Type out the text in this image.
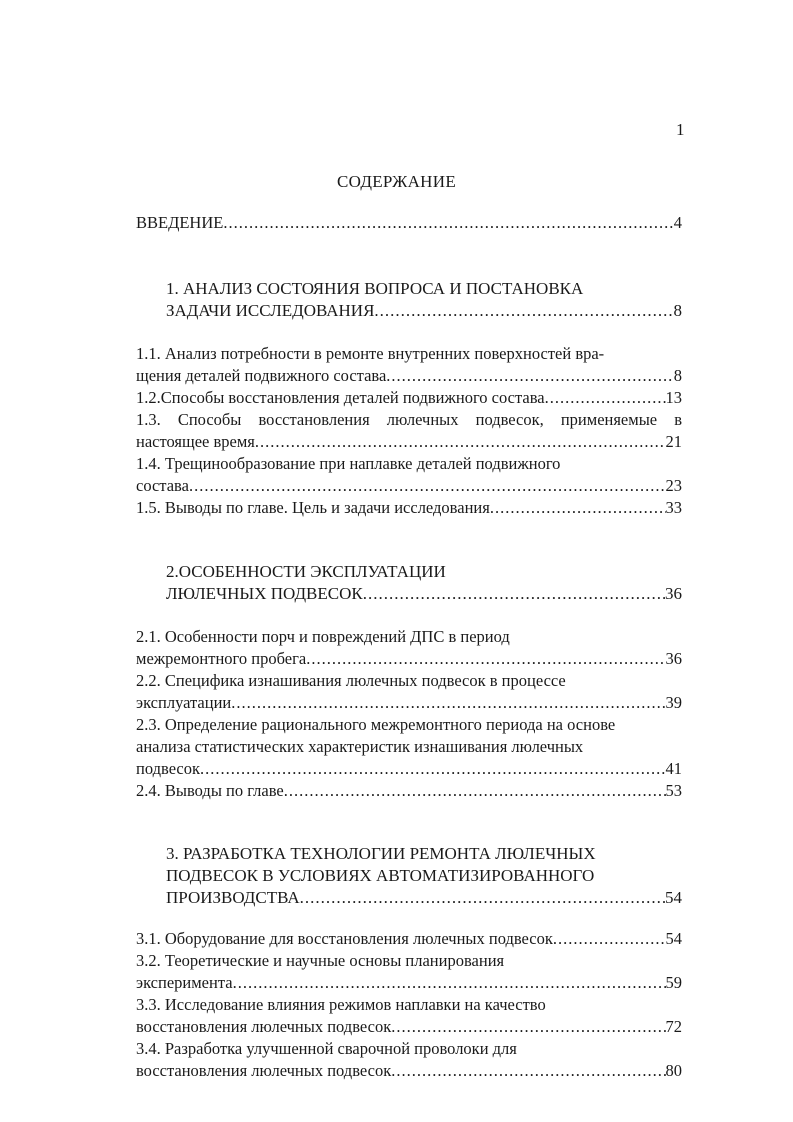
1
СОДЕРЖАНИЕ
ВВЕДЕНИЕ .....	4
1. АНАЛИЗ СОСТОЯНИЯ ВОПРОСА И ПОСТАНОВКА
ЗАДАЧИ ИССЛЕДОВАНИЯ .....	8
1.1. Анализ потребности в ремонте внутренних поверхностей вра-
щения деталей подвижного состава .....	8
1.2.Способы восстановления деталей подвижного состава .....	13
1.3. Способы восстановления люлечных подвесок, применяемые в
настоящее время .....	21
1.4. Трещинообразование при наплавке деталей подвижного
состава .....	23
1.5. Выводы по главе. Цель и задачи исследования .....	33
2.ОСОБЕННОСТИ ЭКСПЛУАТАЦИИ
ЛЮЛЕЧНЫХ ПОДВЕСОК .....	36
2.1. Особенности порч и повреждений ДПС в период
межремонтного пробега .....	36
2.2. Специфика изнашивания люлечных подвесок в процессе
эксплуатации .....	39
2.3. Определение рационального межремонтного периода на основе
анализа статистических характеристик изнашивания люлечных
подвесок .....	41
2.4. Выводы по главе .....	53
3. РАЗРАБОТКА ТЕХНОЛОГИИ РЕМОНТА ЛЮЛЕЧНЫХ
ПОДВЕСОК В УСЛОВИЯХ АВТОМАТИЗИРОВАННОГО
ПРОИЗВОДСТВА .....	54
3.1. Оборудование для восстановления люлечных подвесок .....	54
3.2. Теоретические и научные основы планирования
эксперимента .....	59
3.3. Исследование влияния режимов наплавки на качество
восстановления люлечных подвесок .....	72
3.4. Разработка улучшенной сварочной проволоки для
восстановления люлечных подвесок .....	80
